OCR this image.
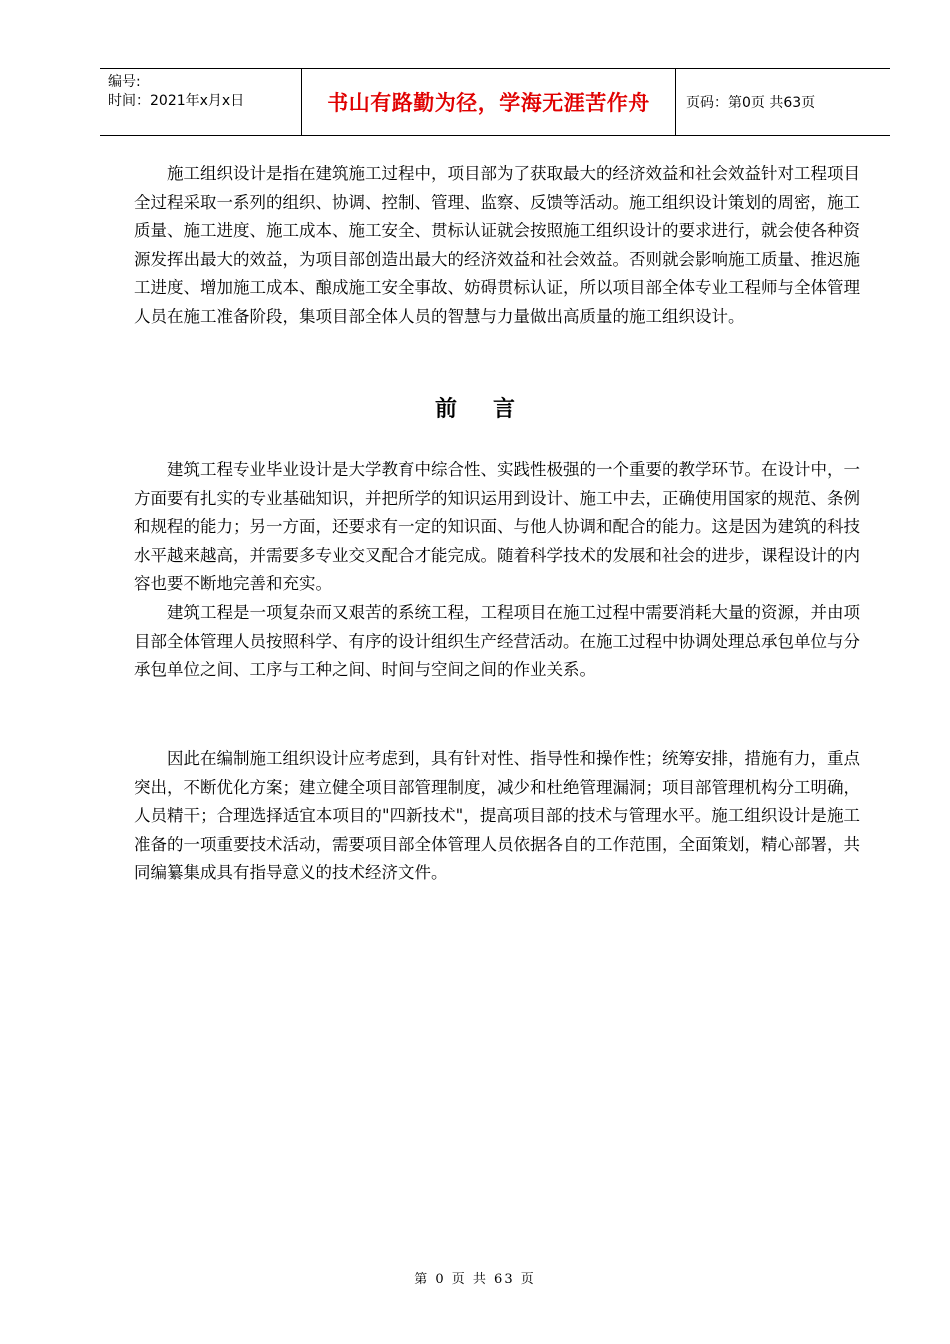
编号:
时间：2021年x月x日	书山有路勤为径，学海无涯苦作舟	页码：第0页 共63页

施工组织设计是指在建筑施工过程中，项目部为了获取最大的经济效益和社会效益针对工程项目全过程采取一系列的组织、协调、控制、管理、监察、反馈等活动。施工组织设计策划的周密，施工质量、施工进度、施工成本、施工安全、贯标认证就会按照施工组织设计的要求进行，就会使各种资源发挥出最大的效益，为项目部创造出最大的经济效益和社会效益。否则就会影响施工质量、推迟施工进度、增加施工成本、酿成施工安全事故、妨碍贯标认证，所以项目部全体专业工程师与全体管理人员在施工准备阶段，集项目部全体人员的智慧与力量做出高质量的施工组织设计。

前言

建筑工程专业毕业设计是大学教育中综合性、实践性极强的一个重要的教学环节。在设计中，一方面要有扎实的专业基础知识，并把所学的知识运用到设计、施工中去，正确使用国家的规范、条例和规程的能力；另一方面，还要求有一定的知识面、与他人协调和配合的能力。这是因为建筑的科技水平越来越高，并需要多专业交叉配合才能完成。随着科学技术的发展和社会的进步，课程设计的内容也要不断地完善和充实。

建筑工程是一项复杂而又艰苦的系统工程，工程项目在施工过程中需要消耗大量的资源，并由项目部全体管理人员按照科学、有序的设计组织生产经营活动。在施工过程中协调处理总承包单位与分承包单位之间、工序与工种之间、时间与空间之间的作业关系。

因此在编制施工组织设计应考虑到，具有针对性、指导性和操作性；统筹安排，措施有力，重点突出，不断优化方案；建立健全项目部管理制度，减少和杜绝管理漏洞；项目部管理机构分工明确，人员精干；合理选择适宜本项目的"四新技术"，提高项目部的技术与管理水平。施工组织设计是施工准备的一项重要技术活动，需要项目部全体管理人员依据各自的工作范围，全面策划，精心部署，共同编纂集成具有指导意义的技术经济文件。

第 0 页 共 63 页
